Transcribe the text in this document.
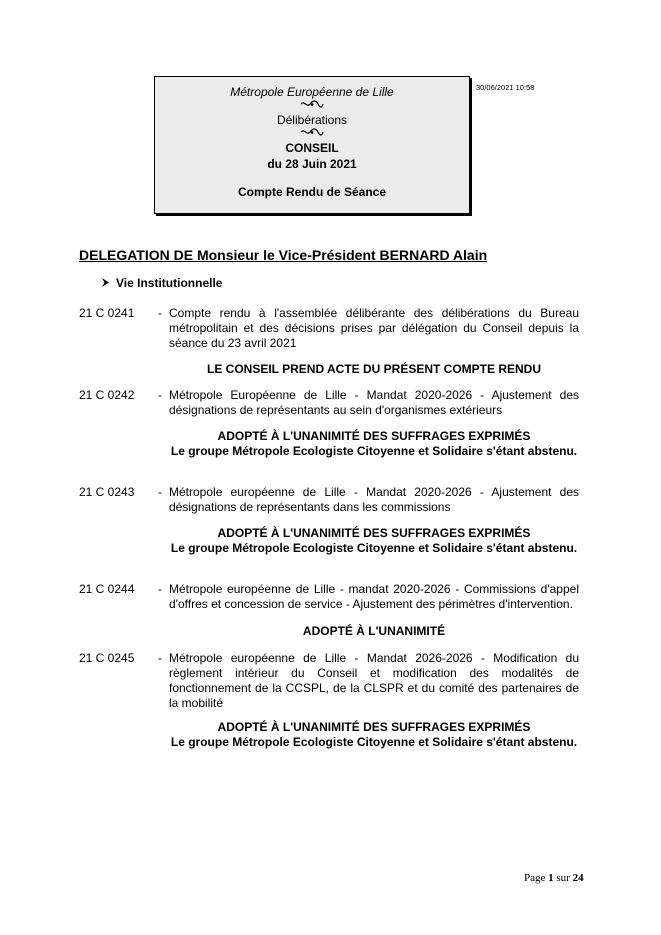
Métropole Européenne de Lille
Délibérations
CONSEIL
du 28 Juin 2021
Compte Rendu de Séance
30/06/2021 10:58
DELEGATION DE Monsieur le Vice-Président BERNARD Alain
Vie Institutionnelle
21 C 0241 - Compte rendu à l'assemblée délibérante des délibérations du Bureau métropolitain et des décisions prises par délégation du Conseil depuis la séance du 23 avril 2021
LE CONSEIL PREND ACTE DU PRÉSENT COMPTE RENDU
21 C 0242 - Métropole Européenne de Lille - Mandat 2020-2026 - Ajustement des désignations de représentants au sein d'organismes extérieurs
ADOPTÉ À L'UNANIMITÉ DES SUFFRAGES EXPRIMÉS
Le groupe Métropole Ecologiste Citoyenne et Solidaire s'étant abstenu.
21 C 0243 - Métropole européenne de Lille - Mandat 2020-2026 - Ajustement des désignations de représentants dans les commissions
ADOPTÉ À L'UNANIMITÉ DES SUFFRAGES EXPRIMÉS
Le groupe Métropole Ecologiste Citoyenne et Solidaire s'étant abstenu.
21 C 0244 - Métropole européenne de Lille - mandat 2020-2026 - Commissions d'appel d'offres et concession de service - Ajustement des périmètres d'intervention.
ADOPTÉ À L'UNANIMITÉ
21 C 0245 - Métropole européenne de Lille - Mandat 2026-2026 - Modification du règlement intérieur du Conseil et modification des modalités de fonctionnement de la CCSPL, de la CLSPR et du comité des partenaires de la mobilité
ADOPTÉ À L'UNANIMITÉ DES SUFFRAGES EXPRIMÉS
Le groupe Métropole Ecologiste Citoyenne et Solidaire s'étant abstenu.
Page 1 sur 24
